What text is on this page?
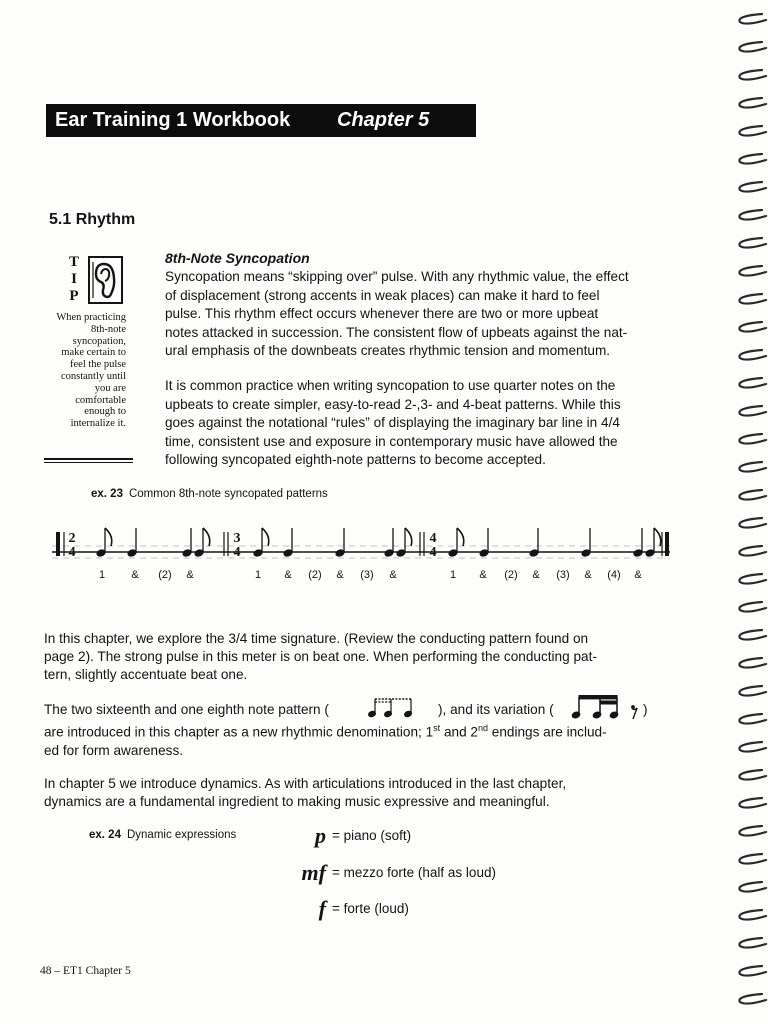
Ear Training 1 Workbook Chapter 5
5.1 Rhythm
T
I
P
When practicing
8th-note
syncopation,
make certain to
feel the pulse
constantly until
you are
comfortable
enough to
internalize it.
8th-Note Syncopation
Syncopation means “skipping over” pulse. With any rhythmic value, the effect
of displacement (strong accents in weak places) can make it hard to feel
pulse. This rhythm effect occurs whenever there are two or more upbeat
notes attacked in succession. The consistent flow of upbeats against the nat-
ural emphasis of the downbeats creates rhythmic tension and momentum.
It is common practice when writing syncopation to use quarter notes on the
upbeats to create simpler, easy-to-read 2-,3- and 4-beat patterns. While this
goes against the notational “rules” of displaying the imaginary bar line in 4/4
time, consistent use and exposure in contemporary music have allowed the
following syncopated eighth-note patterns to become accepted.
ex. 23 Common 8th-note syncopated patterns
2
4
3
4
4
4
1 & (2) &	1 & (2) & (3) &	1 & (2) & (3) & (4) &
In this chapter, we explore the 3/4 time signature. (Review the conducting pattern found on
page 2). The strong pulse in this meter is on beat one. When performing the conducting pat-
tern, slightly accentuate beat one.
The two sixteenth and one eighth note pattern (	), and its variation (	)
are introduced in this chapter as a new rhythmic denomination; 1st and 2nd endings are includ-
ed for form awareness.
In chapter 5 we introduce dynamics. As with articulations introduced in the last chapter,
dynamics are a fundamental ingredient to making music expressive and meaningful.
ex. 24 Dynamic expressions	p = piano (soft)
mf = mezzo forte (half as loud)
f = forte (loud)
48 – ET1 Chapter 5
